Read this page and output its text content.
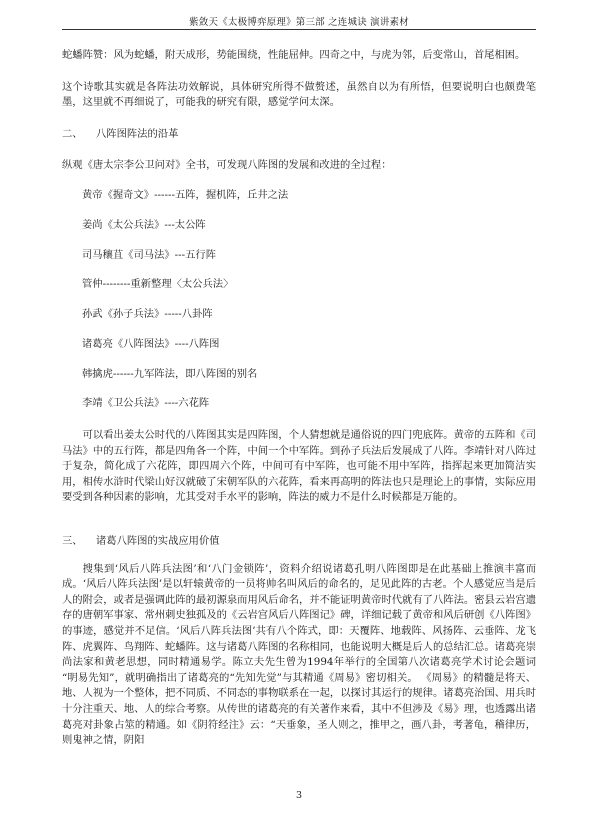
紫敛天《太极博弈原理》第三部 之连城诀 演讲素材

蛇蟠阵赞：风为蛇蟠，附天成形，势能围绕，性能屈伸。四奇之中，与虎为邻，后变常山，首尾相困。

这个诗歌其实就是各阵法功效解说，具体研究所得不做赘述，虽然自以为有所悟，但要说明白也颇费笔墨，这里就不再细说了，可能我的研究有限，感觉学问太深。

二、 八阵图阵法的沿革

纵观《唐太宗李公卫问对》全书，可发现八阵图的发展和改进的全过程：

黄帝《握奇文》------五阵，握机阵，丘井之法
姜尚《太公兵法》---太公阵
司马穰苴《司马法》---五行阵
管仲--------重新整理〈太公兵法〉
孙武《孙子兵法》-----八卦阵
诸葛亮《八阵图法》----八阵图
韩擒虎------九军阵法，即八阵图的别名
李靖《卫公兵法》----六花阵

可以看出姜太公时代的八阵图其实是四阵图，个人猜想就是通俗说的四门兜底阵。黄帝的五阵和《司马法》中的五行阵，都是四角各一个阵，中间一个中军阵。到孙子兵法后发展成了八阵。李靖针对八阵过于复杂，简化成了六花阵，即四周六个阵，中间可有中军阵，也可能不用中军阵，指挥起来更加简洁实用，相传水浒时代梁山好汉就破了宋朝军队的六花阵，看来再高明的阵法也只是理论上的事情，实际应用要受到各种因素的影响，尤其受对手水平的影响，阵法的威力不是什么时候都是万能的。

三、 诸葛八阵图的实战应用价值

搜集到‘风后八阵兵法图’和‘八门金锁阵’，资料介绍说诸葛孔明八阵图即是在此基础上推演丰富而成。‘风后八阵兵法图’是以轩辕黄帝的一员将帅名叫风后的命名的，足见此阵的古老。个人感觉应当是后人的附会，或者是强调此阵的最初源泉而用风后命名，并不能证明黄帝时代就有了八阵法。密县云岩宫遗存的唐朝军事家、常州刺史独孤及的《云岩宫风后八阵图记》碑，详细记载了黄帝和风后研创《八阵图》的事迹，感觉并不足信。‘风后八阵兵法图’共有八个阵式，即：天覆阵、地载阵、风扬阵、云垂阵、龙飞阵、虎翼阵、鸟翔阵、蛇蟠阵。这与诸葛八阵图的名称相同，也能说明大概是后人的总结汇总。诸葛亮崇尚法家和黄老思想，同时精通易学。陈立夫先生曾为1994年举行的全国第八次诸葛亮学术讨论会题词 “明易先知”，就明确指出了诸葛亮的“先知先觉”与其精通《周易》密切相关。 《周易》的精髓是将天、地、人视为一个整体，把不同质、不同态的事物联系在一起，以探讨其运行的规律。诸葛亮治国、用兵时十分注重天、地、人的综合考察。从传世的诸葛亮的有关著作来看，其中不但涉及《易》理，也透露出诸葛亮对卦象占筮的精通。如《阴符经注》云：“天垂象，圣人则之，推甲之，画八卦，考著龟，稽律历，则鬼神之情，阴阳

3
